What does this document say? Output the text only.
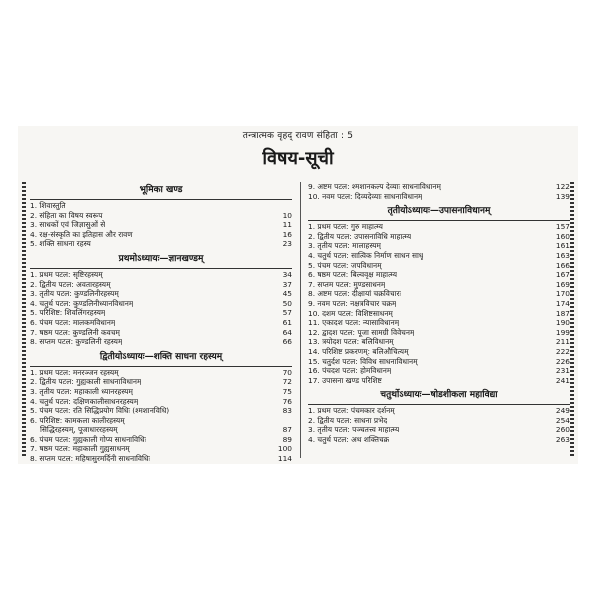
तन्त्रात्मक वृहद् रावण संहिता : 5
विषय-सूची
भूमिका खण्ड
1. शिवास्तुति
2. संहिता का विषय स्वरूप	10
3. साधकों एवं जिज्ञासुओं से	11
4. रक्ष-संस्कृति का इतिहास और रावण	16
5. शक्ति साधना रहस्य	23
प्रथमोऽध्यायः—ज्ञानखण्डम्
1. प्रथम पटल: सृष्टिरहस्यम्	34
2. द्वितीय पटल: अवतारहस्यम्	37
3. तृतीय पटल: कुण्डलिनीरहस्यम्	45
4. चतुर्थ पटल: कुण्डलिनीध्यानविधानम्	50
5. परिशिष्ट: शिवलिंगरहस्यम्	57
6. पंचम पटल: मालकमविधानम्	61
7. षष्ठम पटल: कुण्डलिनी कवचम्	64
8. सप्तम पटल: कुण्डलिनी रहस्यम्	66
द्वितीयोऽध्यायः—शक्ति साधना रहस्यम्
1. प्रथम पटल: मनरञ्जन रहस्यम्	70
2. द्वितीय पटल: गुह्यकाली साधनाविधानम्	72
3. तृतीय पटल: महाकाली ध्यानरहस्यम्	75
4. चतुर्थ पटल: दक्षिणकालीसाधनरहस्यम्	76
5. पंचम पटल: रति सिद्धिप्रयोग विधिः (श्मशानविधि)	83
6. परिशिष्ट: कामकला कालीरहस्यम्
सिद्धिरहस्यम्, पूजाधाररहस्यम्	87
6. पंचम पटल: गुह्यकाली गोप्य साधनाविधिः	89
7. षष्ठम पटल: महाकाली गुह्यसाधनम्	100
8. सप्तम पटल: महिषासुरमर्दिनी साधनाविधिः	114
9. अष्टम पटल: श्मशानकल्प देव्याः साधनाविधानम्	122
10. नवम पटल: दिव्यदेव्याः साधनाविधानम्	139
तृतीयोऽध्यायः—उपासनाविधानम्
1. प्रथम पटल: गुरु माहात्म्य	157
2. द्वितीय पटल: उपासनाविधि माहात्म्य	160
3. तृतीय पटल: मालाहस्यम्	161
4. चतुर्थ पटल: सात्विक निर्माण साधन साधू	163
5. पंचम पटल: जपविधानम्	166
6. षष्ठम पटल: बिल्ववृक्ष माहात्म्य	167
7. सप्तम पटल: मुण्डसाधनम्	169
8. अष्टम पटल: दीक्षायां चक्रविचारः	170
9. नवम पटल: नक्षत्रविचार चक्रम्	174
10. दशम पटल: विशिष्टसाधनम्	187
11. एकादश पटल: न्यासाविधानम्	190
12. द्वादश पटल: पूजा सामग्री विवेचनम्	199
13. त्रयोदश पटल: बलिविधानम्	211
14. परिशिष्ट प्रकरणम्: बलिऔचित्यम्	222
15. चतुर्दश पटल: विविध साधनाविधानम्	226
16. पंचदश पटल: होमविधानम्	231
17. उपासना खण्ड परिशिष्ट	241
चतुर्थोऽध्यायः—षोडशीकला महाविद्या
1. प्रथम पटल: पंचमकार दर्शनम्	249
2. द्वितीय पटल: साधना प्रभेद	254
3. तृतीय पटल: पञ्चतत्त्व माहात्म्य	260
4. चतुर्थ पटल: अथ शक्तिचक्र	263
